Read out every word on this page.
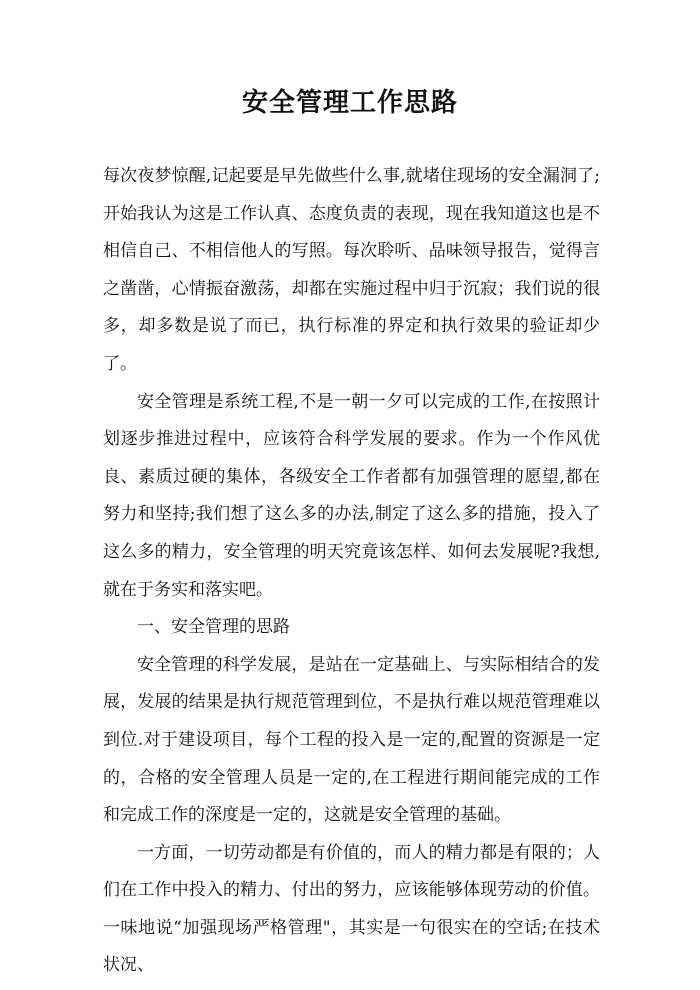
安全管理工作思路

每次夜梦惊醒,记起要是早先做些什么事,就堵住现场的安全漏洞了;开始我认为这是工作认真、态度负责的表现，现在我知道这也是不相信自己、不相信他人的写照。每次聆听、品味领导报告，觉得言之凿凿，心情振奋激荡，却都在实施过程中归于沉寂；我们说的很多，却多数是说了而已，执行标准的界定和执行效果的验证却少了。

安全管理是系统工程,不是一朝一夕可以完成的工作,在按照计划逐步推进过程中，应该符合科学发展的要求。作为一个作风优良、素质过硬的集体，各级安全工作者都有加强管理的愿望,都在努力和坚持;我们想了这么多的办法,制定了这么多的措施，投入了这么多的精力，安全管理的明天究竟该怎样、如何去发展呢?我想,就在于务实和落实吧。

一、安全管理的思路

安全管理的科学发展，是站在一定基础上、与实际相结合的发展，发展的结果是执行规范管理到位，不是执行难以规范管理难以到位.对于建设项目，每个工程的投入是一定的,配置的资源是一定的，合格的安全管理人员是一定的,在工程进行期间能完成的工作和完成工作的深度是一定的，这就是安全管理的基础。

一方面，一切劳动都是有价值的，而人的精力都是有限的；人们在工作中投入的精力、付出的努力，应该能够体现劳动的价值。一味地说“加强现场严格管理"，其实是一句很实在的空话;在技术状况、
